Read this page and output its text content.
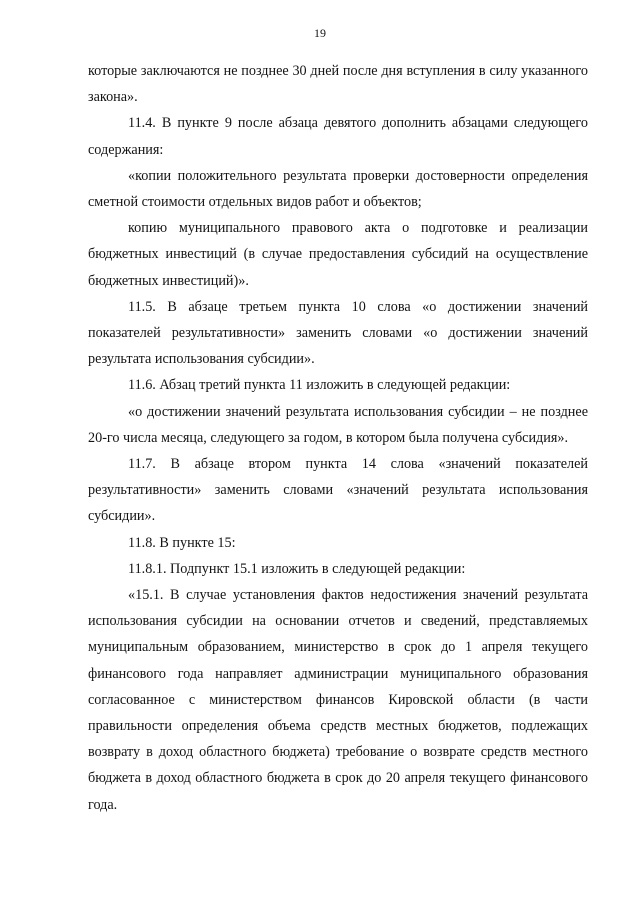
19

которые заключаются не позднее 30 дней после дня вступления в силу указанного закона».

11.4. В пункте 9 после абзаца девятого дополнить абзацами следующего содержания:

«копии положительного результата проверки достоверности определения сметной стоимости отдельных видов работ и объектов;

копию муниципального правового акта о подготовке и реализации бюджетных инвестиций (в случае предоставления субсидий на осуществление бюджетных инвестиций)».

11.5. В абзаце третьем пункта 10 слова «о достижении значений показателей результативности» заменить словами «о достижении значений результата использования субсидии».

11.6. Абзац третий пункта 11 изложить в следующей редакции:

«о достижении значений результата использования субсидии – не позднее 20-го числа месяца, следующего за годом, в котором была получена субсидия».

11.7. В абзаце втором пункта 14 слова «значений показателей результативности» заменить словами «значений результата использования субсидии».

11.8. В пункте 15:

11.8.1. Подпункт 15.1 изложить в следующей редакции:

«15.1. В случае установления фактов недостижения значений результата использования субсидии на основании отчетов и сведений, представляемых муниципальным образованием, министерство в срок до 1 апреля текущего финансового года направляет администрации муниципального образования согласованное с министерством финансов Кировской области (в части правильности определения объема средств местных бюджетов, подлежащих возврату в доход областного бюджета) требование о возврате средств местного бюджета в доход областного бюджета в срок до 20 апреля текущего финансового года.
